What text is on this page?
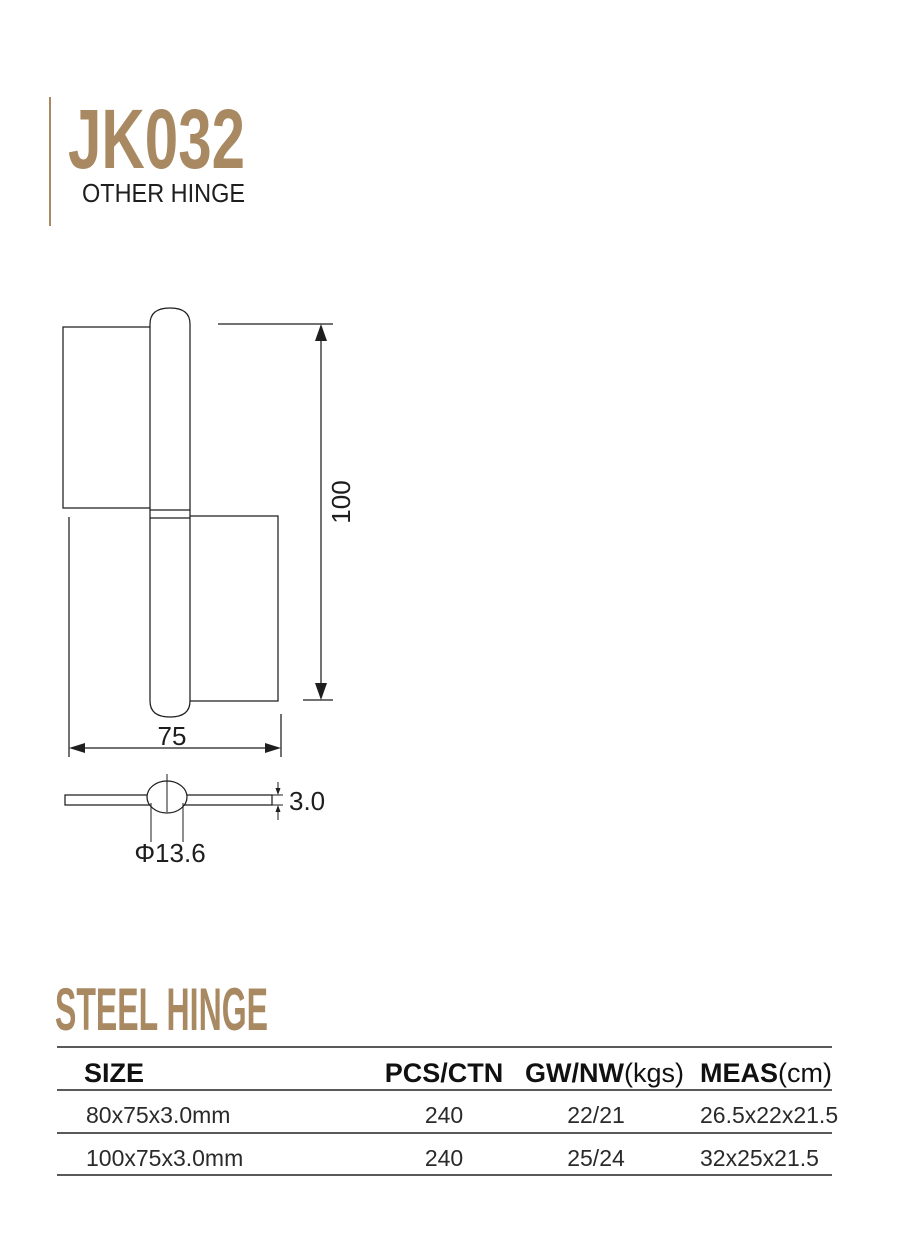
JK032
OTHER HINGE
100
75
Φ13.6
3.0
STEEL HINGE
SIZE	PCS/CTN GW/NW(kgs) MEAS(cm)
80x75x3.0mm	240	22/21	26.5x22x21.5
100x75x3.0mm	240	25/24	32x25x21.5
